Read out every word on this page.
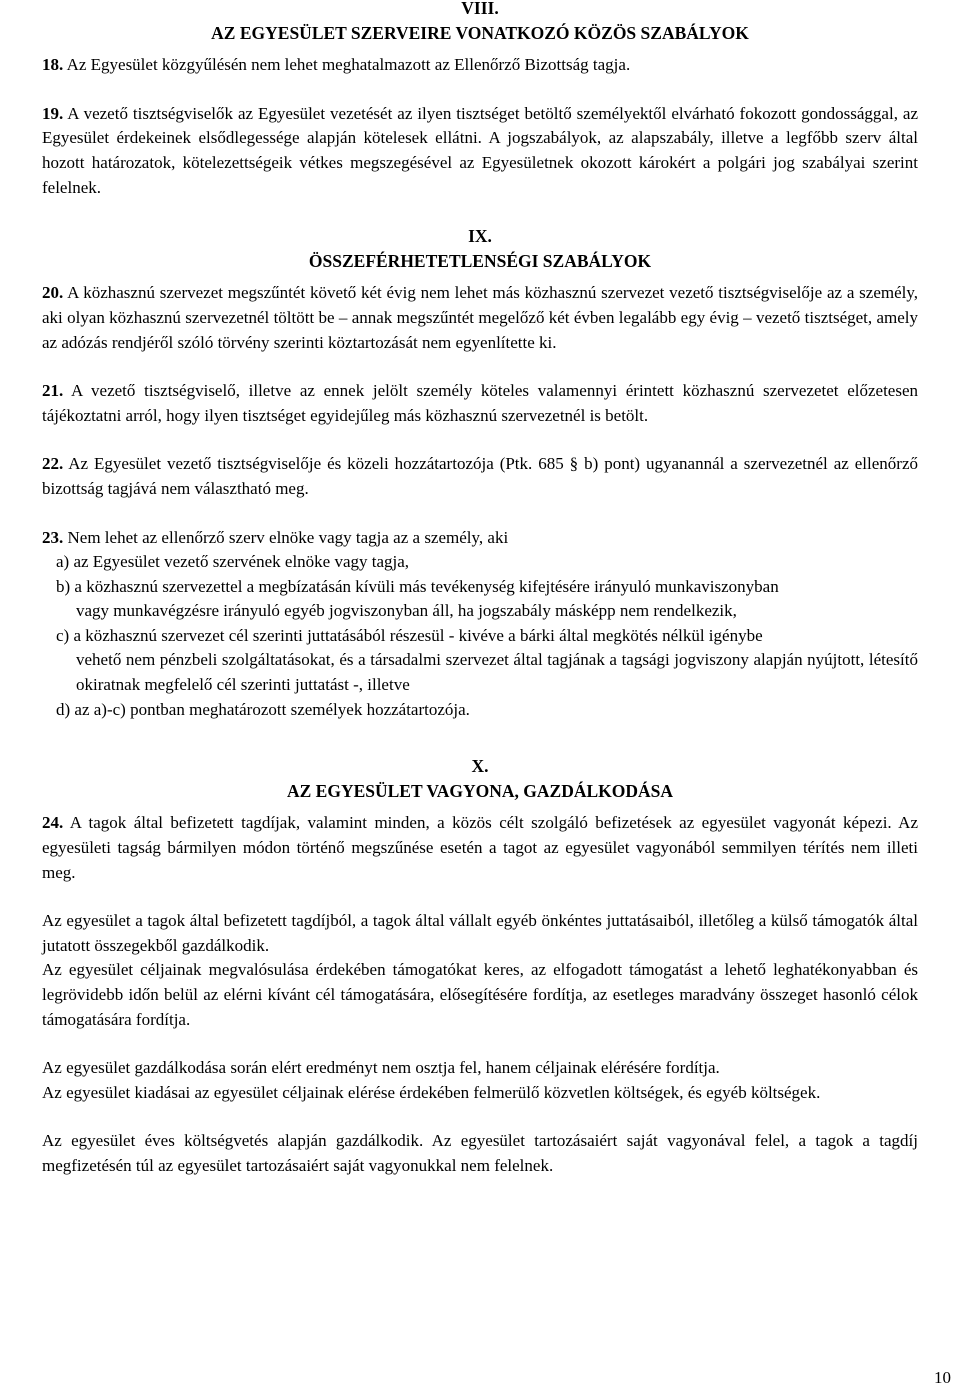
VIII.
AZ EGYESÜLET SZERVEIRE VONATKOZÓ KÖZÖS SZABÁLYOK

18. Az Egyesület közgyűlésén nem lehet meghatalmazott az Ellenőrző Bizottság tagja.

19. A vezető tisztségviselők az Egyesület vezetését az ilyen tisztséget betöltő személyektől elvárható fokozott gondossággal, az Egyesület érdekeinek elsődlegessége alapján kötelesek ellátni. A jogszabályok, az alapszabály, illetve a legfőbb szerv által hozott határozatok, kötelezettségeik vétkes megszegésével az Egyesületnek okozott károkért a polgári jog szabályai szerint felelnek.

IX.
ÖSSZEFÉRHETETLENSÉGI SZABÁLYOK

20. A közhasznú szervezet megszűntét követő két évig nem lehet más közhasznú szervezet vezető tisztségviselője az a személy, aki olyan közhasznú szervezetnél töltött be – annak megszűntét megelőző két évben legalább egy évig – vezető tisztséget, amely az adózás rendjéről szóló törvény szerinti köztartozását nem egyenlítette ki.

21. A vezető tisztségviselő, illetve az ennek jelölt személy köteles valamennyi érintett közhasznú szervezetet előzetesen tájékoztatni arról, hogy ilyen tisztséget egyidejűleg más közhasznú szervezetnél is betölt.

22. Az Egyesület vezető tisztségviselője és közeli hozzátartozója (Ptk. 685 § b) pont) ugyanannál a szervezetnél az ellenőrző bizottság tagjává nem választható meg.

23. Nem lehet az ellenőrző szerv elnöke vagy tagja az a személy, aki

a) az Egyesület vezető szervének elnöke vagy tagja,

b) a közhasznú szervezettel a megbízatásán kívüli más tevékenység kifejtésére irányuló munkaviszonyban
vagy munkavégzésre irányuló egyéb jogviszonyban áll, ha jogszabály másképp nem rendelkezik,
c) a közhasznú szervezet cél szerinti juttatásából részesül - kivéve a bárki által megkötés nélkül igénybe
vehető nem pénzbeli szolgáltatásokat, és a társadalmi szervezet által tagjának a tagsági jogviszony alapján nyújtott, létesítő okiratnak megfelelő cél szerinti juttatást -, illetve

d) az a)-c) pontban meghatározott személyek hozzátartozója.

X.
AZ EGYESÜLET VAGYONA, GAZDÁLKODÁSA

24. A tagok által befizetett tagdíjak, valamint minden, a közös célt szolgáló befizetések az egyesület vagyonát képezi. Az egyesületi tagság bármilyen módon történő megszűnése esetén a tagot az egyesület vagyonából semmilyen térítés nem illeti meg.

Az egyesület a tagok által befizetett tagdíjból, a tagok által vállalt egyéb önkéntes juttatásaiból, illetőleg a külső támogatók által jutatott összegekből gazdálkodik.

Az egyesület céljainak megvalósulása érdekében támogatókat keres, az elfogadott támogatást a lehető leghatékonyabban és legrövidebb időn belül az elérni kívánt cél támogatására, elősegítésére fordítja, az esetleges maradvány összeget hasonló célok támogatására fordítja.

Az egyesület gazdálkodása során elért eredményt nem osztja fel, hanem céljainak elérésére fordítja.

Az egyesület kiadásai az egyesület céljainak elérése érdekében felmerülő közvetlen költségek, és egyéb költségek.

Az egyesület éves költségvetés alapján gazdálkodik. Az egyesület tartozásaiért saját vagyonával felel, a tagok a tagdíj megfizetésén túl az egyesület tartozásaiért saját vagyonukkal nem felelnek.

10
